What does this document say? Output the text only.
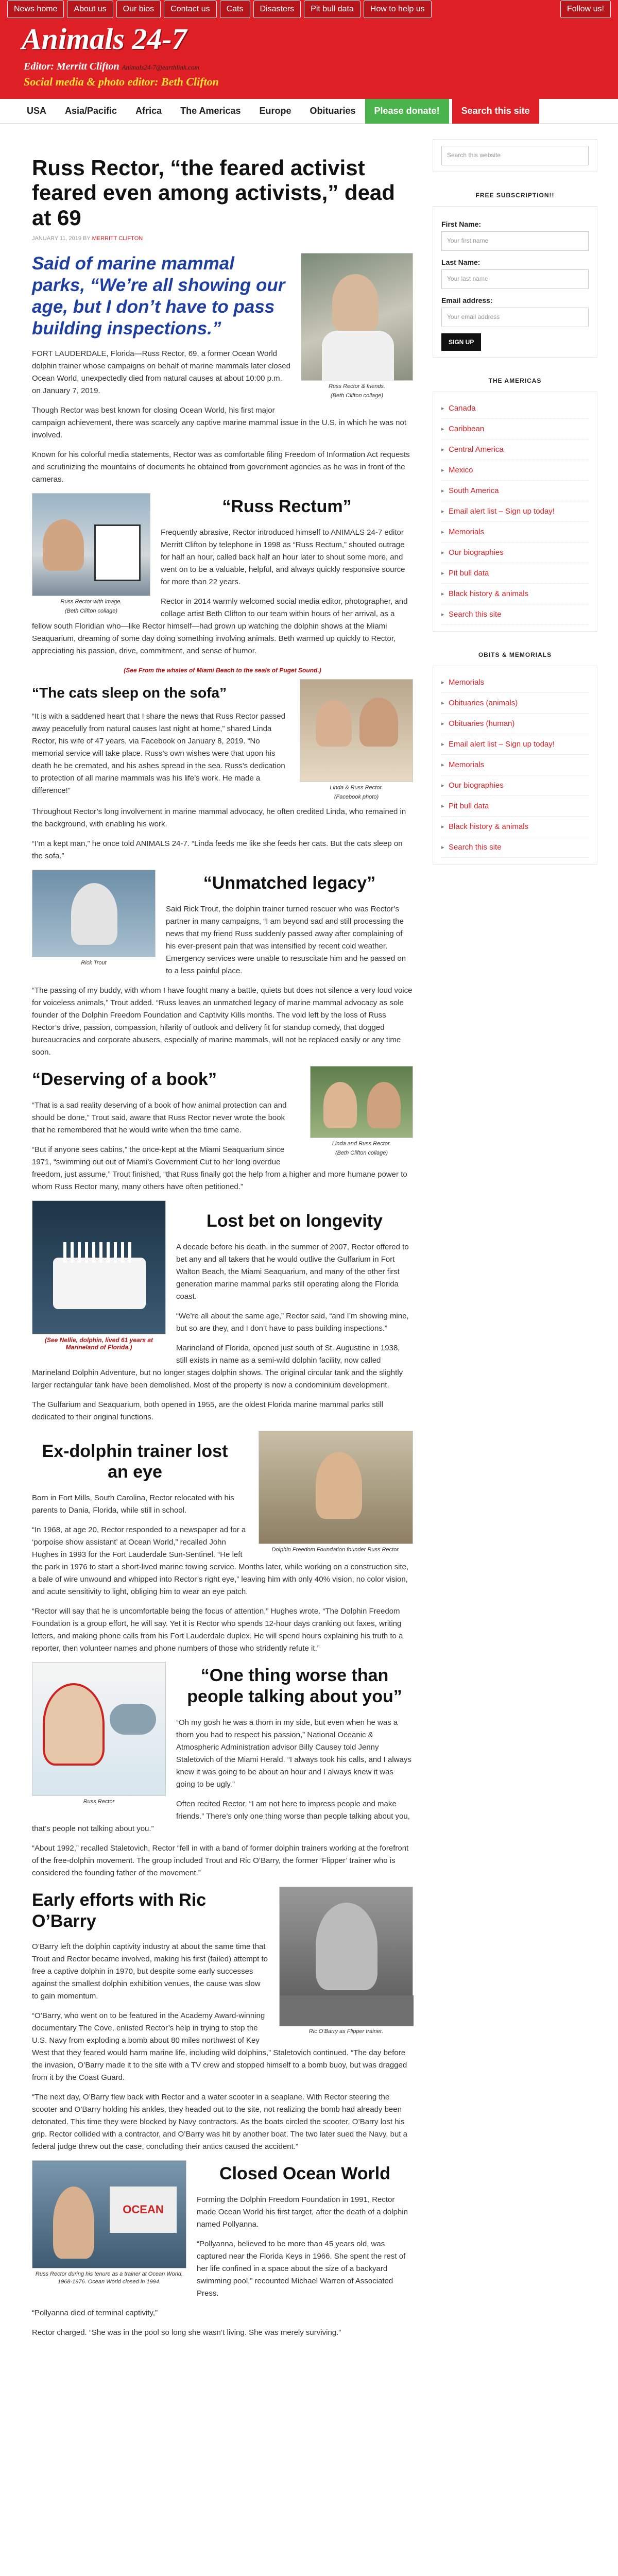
News home	About us	Our bios	Contact us	Cats	Disasters	Pit bull data	How to help us	Follow us!
Animals 24-7
Editor: Merritt Clifton Animals24-7@earthlink.com
Social media & photo editor: Beth Clifton
USA	Asia/Pacific	Africa	The Americas	Europe	Obituaries	Please donate!	Search this site
Russ Rector, “the feared activist feared even among activists,” dead at 69
JANUARY 11, 2019 BY MERRITT CLIFTON
Russ Rector & friends.
(Beth Clifton collage)
Said of marine mammal parks, “We’re all showing our age, but I don’t have to pass building inspections.”

FORT LAUDERDALE, Florida—Russ Rector, 69, a former Ocean World dolphin trainer whose campaigns on behalf of marine mammals later closed Ocean World, unexpectedly died from natural causes at about 10:00 p.m. on January 7, 2019.

Though Rector was best known for closing Ocean World, his first major campaign achievement, there was scarcely any captive marine mammal issue in the U.S. in which he was not involved.

Known for his colorful media statements, Rector was as comfortable filing Freedom of Information Act requests and scrutinizing the mountains of documents he obtained from government agencies as he was in front of the cameras.

Russ Rector with image.
(Beth Clifton collage)
“Russ Rectum”

Frequently abrasive, Rector introduced himself to ANIMALS 24-7 editor Merritt Clifton by telephone in 1998 as “Russ Rectum,” shouted outrage for half an hour, called back half an hour later to shout some more, and went on to be a valuable, helpful, and always quickly responsive source for more than 22 years.

Rector in 2014 warmly welcomed social media editor, photographer, and collage artist Beth Clifton to our team within hours of her arrival, as a fellow south Floridian who—like Rector himself—had grown up watching the dolphin shows at the Miami Seaquarium, dreaming of some day doing something involving animals. Beth warmed up quickly to Rector, appreciating his passion, drive, commitment, and sense of humor.

(See From the whales of Miami Beach to the seals of Puget Sound.)
Linda & Russ Rector.
(Facebook photo)
“The cats sleep on the sofa”

“It is with a saddened heart that I share the news that Russ Rector passed away peacefully from natural causes last night at home,” shared Linda Rector, his wife of 47 years, via Facebook on January 8, 2019. “No memorial service will take place. Russ’s own wishes were that upon his death he be cremated, and his ashes spread in the sea. Russ’s dedication to protection of all marine mammals was his life’s work. He made a difference!”

Throughout Rector’s long involvement in marine mammal advocacy, he often credited Linda, who remained in the background, with enabling his work.

“I’m a kept man,” he once told ANIMALS 24-7. “Linda feeds me like she feeds her cats. But the cats sleep on the sofa.”

Rick Trout
“Unmatched legacy”

Said Rick Trout, the dolphin trainer turned rescuer who was Rector’s partner in many campaigns, “I am beyond sad and still processing the news that my friend Russ suddenly passed away after complaining of his ever-present pain that was intensified by recent cold weather. Emergency services were unable to resuscitate him and he passed on to a less painful place.

“The passing of my buddy, with whom I have fought many a battle, quiets but does not silence a very loud voice for voiceless animals,” Trout added. “Russ leaves an unmatched legacy of marine mammal advocacy as sole founder of the Dolphin Freedom Foundation and Captivity Kills months. The void left by the loss of Russ Rector’s drive, passion, compassion, hilarity of outlook and delivery fit for standup comedy, that dogged bureaucracies and corporate abusers, especially of marine mammals, will not be replaced easily or any time soon.

Linda and Russ Rector.
(Beth Clifton collage)
“Deserving of a book”

“That is a sad reality deserving of a book of how animal protection can and should be done,” Trout said, aware that Russ Rector never wrote the book that he remembered that he would write when the time came.

“But if anyone sees cabins,” the once-kept at the Miami Seaquarium since 1971, “swimming out out of Miami’s Government Cut to her long overdue freedom, just assume,” Trout finished, “that Russ finally got the help from a higher and more humane power to whom Russ Rector many, many others have often petitioned.”

(See Nellie, dolphin, lived 61 years at Marineland of Florida.)
Lost bet on longevity

A decade before his death, in the summer of 2007, Rector offered to bet any and all takers that he would outlive the Gulfarium in Fort Walton Beach, the Miami Seaquarium, and many of the other first generation marine mammal parks still operating along the Florida coast.

“We’re all about the same age,” Rector said, “and I’m showing mine, but so are they, and I don’t have to pass building inspections.”

Marineland of Florida, opened just south of St. Augustine in 1938, still exists in name as a semi-wild dolphin facility, now called Marineland Dolphin Adventure, but no longer stages dolphin shows. The original circular tank and the slightly larger rectangular tank have been demolished. Most of the property is now a condominium development.

The Gulfarium and Seaquarium, both opened in 1955, are the oldest Florida marine mammal parks still dedicated to their original functions.

Dolphin Freedom Foundation founder Russ Rector.
Ex-dolphin trainer lost an eye

Born in Fort Mills, South Carolina, Rector relocated with his parents to Dania, Florida, while still in school.

“In 1968, at age 20, Rector responded to a newspaper ad for a ‘porpoise show assistant’ at Ocean World,” recalled John Hughes in 1993 for the Fort Lauderdale Sun-Sentinel. “He left the park in 1976 to start a short-lived marine towing service. Months later, while working on a construction site, a bale of wire unwound and whipped into Rector’s right eye,” leaving him with only 40% vision, no color vision, and acute sensitivity to light, obliging him to wear an eye patch.

“Rector will say that he is uncomfortable being the focus of attention,” Hughes wrote. “The Dolphin Freedom Foundation is a group effort, he will say. Yet it is Rector who spends 12-hour days cranking out faxes, writing letters, and making phone calls from his Fort Lauderdale duplex. He will spend hours explaining his truth to a reporter, then volunteer names and phone numbers of those who stridently refute it.”

Russ Rector
“One thing worse than people talking about you”

“Oh my gosh he was a thorn in my side, but even when he was a thorn you had to respect his passion,” National Oceanic & Atmospheric Administration advisor Billy Causey told Jenny Staletovich of the Miami Herald. “I always took his calls, and I always knew it was going to be about an hour and I always knew it was going to be ugly.”

Often recited Rector, “I am not here to impress people and make friends.” There’s only one thing worse than people talking about you, that’s people not talking about you.”

“About 1992,” recalled Staletovich, Rector “fell in with a band of former dolphin trainers working at the forefront of the free-dolphin movement. The group included Trout and Ric O’Barry, the former ‘Flipper’ trainer who is considered the founding father of the movement.”

Ric O’Barry as Flipper trainer.
Early efforts with Ric O’Barry

O’Barry left the dolphin captivity industry at about the same time that Trout and Rector became involved, making his first (failed) attempt to free a captive dolphin in 1970, but despite some early successes against the smallest dolphin exhibition venues, the cause was slow to gain momentum.

“O’Barry, who went on to be featured in the Academy Award-winning documentary The Cove, enlisted Rector’s help in trying to stop the U.S. Navy from exploding a bomb about 80 miles northwest of Key West that they feared would harm marine life, including wild dolphins,” Staletovich continued. “The day before the invasion, O’Barry made it to the site with a TV crew and stopped himself to a bomb buoy, but was dragged from it by the Coast Guard.

“The next day, O’Barry flew back with Rector and a water scooter in a seaplane. With Rector steering the scooter and O’Barry holding his ankles, they headed out to the site, not realizing the bomb had already been detonated. This time they were blocked by Navy contractors. As the boats circled the scooter, O’Barry lost his grip. Rector collided with a contractor, and O’Barry was hit by another boat. The two later sued the Navy, but a federal judge threw out the case, concluding their antics caused the accident.”

OCEAN
Russ Rector during his tenure as a trainer at Ocean World, 1968-1976. Ocean World closed in 1994.
Closed Ocean World

Forming the Dolphin Freedom Foundation in 1991, Rector made Ocean World his first target, after the death of a dolphin named Pollyanna.

“Pollyanna, believed to be more than 45 years old, was captured near the Florida Keys in 1966. She spent the rest of her life confined in a space about the size of a backyard swimming pool,” recounted Michael Warren of Associated Press.

“Pollyanna died of terminal captivity,”

Rector charged. “She was in the pool so long she wasn’t living. She was merely surviving.”

Search this website
FREE SUBSCRIPTION!!
First Name:
Your first name
Last Name:
Your last name
Email address:
Your email address
SIGN UP
THE AMERICAS
▸ Canada
▸ Caribbean
▸ Central America
▸ Mexico
▸ South America
▸ Email alert list – Sign up today!
▸ Memorials
▸ Our biographies
▸ Pit bull data
▸ Black history & animals
▸ Search this site
OBITS & MEMORIALS
▸ Memorials
▸ Obituaries (animals)
▸ Obituaries (human)
▸ Email alert list – Sign up today!
▸ Memorials
▸ Our biographies
▸ Pit bull data
▸ Black history & animals
▸ Search this site
